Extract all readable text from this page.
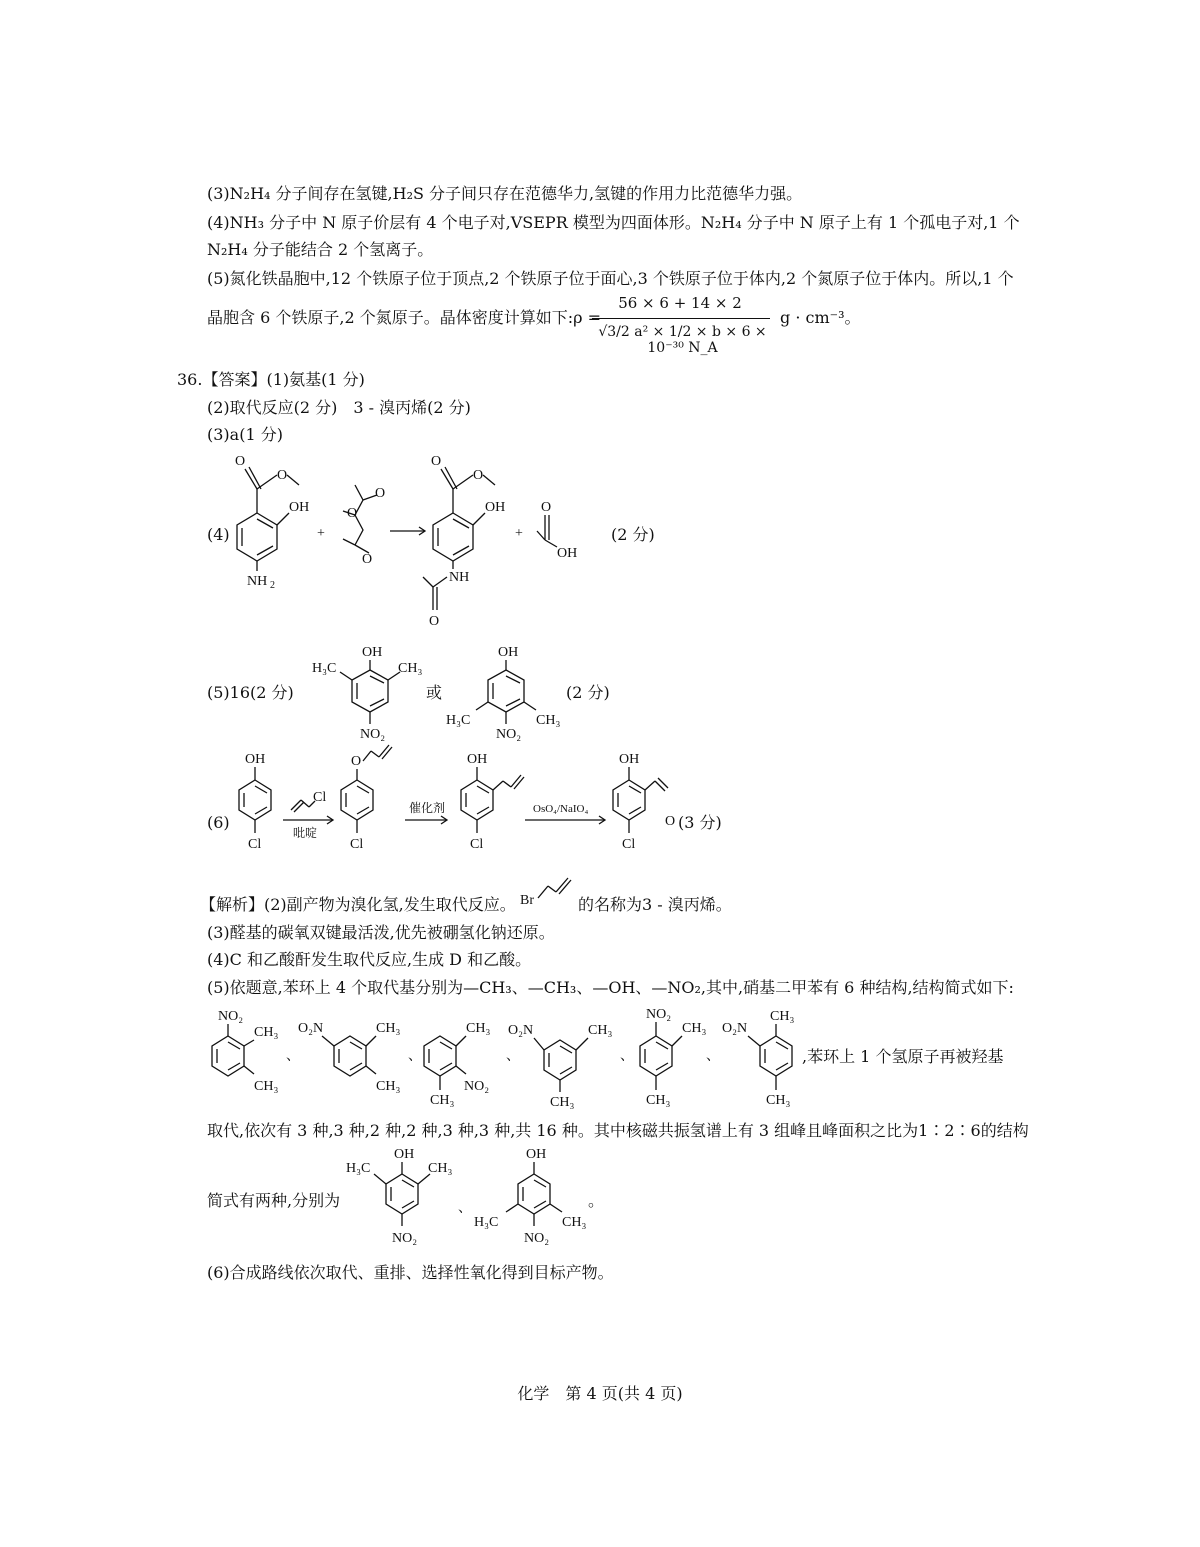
(3)N₂H₄ 分子间存在氢键,H₂S 分子间只存在范德华力,氢键的作用力比范德华力强。
(4)NH₃ 分子中 N 原子价层有 4 个电子对,VSEPR 模型为四面体形。N₂H₄ 分子中 N 原子上有 1 个孤电子对,1 个
N₂H₄ 分子能结合 2 个氢离子。
(5)氮化铁晶胞中,12 个铁原子位于顶点,2 个铁原子位于面心,3 个铁原子位于体内,2 个氮原子位于体内。所以,1 个
晶胞含 6 个铁原子,2 个氮原子。晶体密度计算如下:ρ =
56 × 6 + 14 × 2
√3/2 a² × 1/2 × b × 6 × 10⁻³⁰ N_A
g · cm⁻³。
36.【答案】(1)氨基(1 分)
(2)取代反应(2 分)　3 - 溴丙烯(2 分)
(3)a(1 分)
(4)
O
O
OH
NH 2
+
O
O
O
O
O
OH
NH
O
+
O
OH
(2 分)
(5)16(2 分)
OH
H₃C	CH₃
NO₂
或
OH
H₃C	CH₃
NO₂
(2 分)
(6)
OH
Cl
Cl
吡啶
O
Cl
催化剂
OH
Cl
OsO₄/NaIO₄
OH
Cl
O (3 分)
【解析】(2)副产物为溴化氢,发生取代反应。 Br	的名称为3 - 溴丙烯。
(3)醛基的碳氧双键最活泼,优先被硼氢化钠还原。
(4)C 和乙酸酐发生取代反应,生成 D 和乙酸。
(5)依题意,苯环上 4 个取代基分别为—CH₃、—CH₃、—OH、—NO₂,其中,硝基二甲苯有 6 种结构,结构简式如下:
NO₂
CH₃
CH₃
、
O₂N	CH₃
CH₃
、
CH₃
NO₂
CH₃
、
O₂N	CH₃
CH₃
、
NO₂
CH₃
CH₃
、
O₂N
CH₃
CH₃
,苯环上 1 个氢原子再被羟基
取代,依次有 3 种,3 种,2 种,2 种,3 种,3 种,共 16 种。其中核磁共振氢谱上有 3 组峰且峰面积之比为1∶2∶6的结构
简式有两种,分别为
OH
H₃C	CH₃
NO₂
、
OH
H₃C	CH₃
NO₂
。
(6)合成路线依次取代、重排、选择性氧化得到目标产物。
化学　第 4 页(共 4 页)
